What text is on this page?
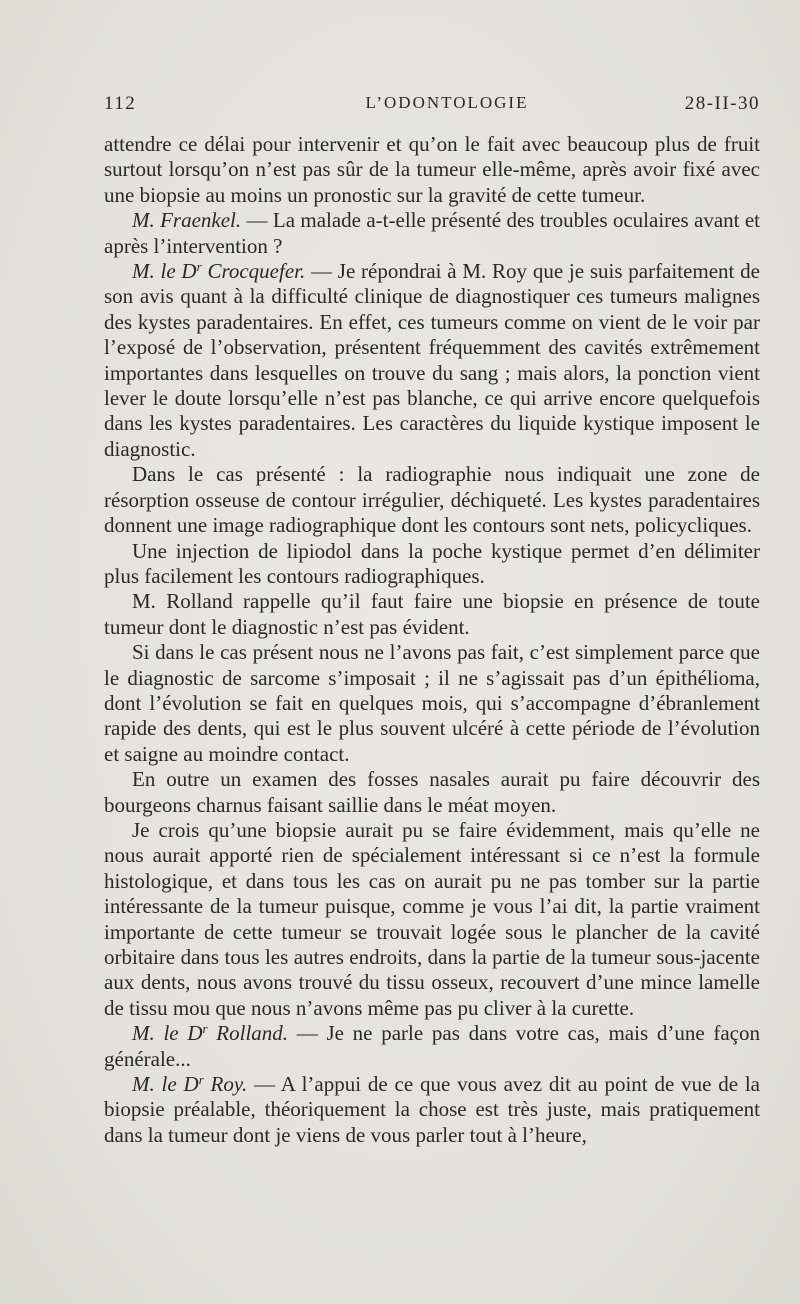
112	L’ODONTOLOGIE	28-II-30

attendre ce délai pour intervenir et qu’on le fait avec beaucoup plus de fruit surtout lorsqu’on n’est pas sûr de la tumeur elle-même, après avoir fixé avec une biopsie au moins un pronostic sur la gravité de cette tumeur.

M. Fraenkel. — La malade a-t-elle présenté des troubles oculaires avant et après l’intervention ?

M. le $D^r$ Crocquefer. — Je répondrai à M. Roy que je suis parfaitement de son avis quant à la difficulté clinique de diagnostiquer ces tumeurs malignes des kystes paradentaires. En effet, ces tumeurs comme on vient de le voir par l’exposé de l’observation, présentent fréquemment des cavités extrêmement importantes dans lesquelles on trouve du sang ; mais alors, la ponction vient lever le doute lorsqu’elle n’est pas blanche, ce qui arrive encore quelquefois dans les kystes paradentaires. Les caractères du liquide kystique imposent le diagnostic.

Dans le cas présenté : la radiographie nous indiquait une zone de résorption osseuse de contour irrégulier, déchiqueté. Les kystes paradentaires donnent une image radiographique dont les contours sont nets, policycliques.

Une injection de lipiodol dans la poche kystique permet d’en délimiter plus facilement les contours radiographiques.

M. Rolland rappelle qu’il faut faire une biopsie en présence de toute tumeur dont le diagnostic n’est pas évident.

Si dans le cas présent nous ne l’avons pas fait, c’est simplement parce que le diagnostic de sarcome s’imposait ; il ne s’agissait pas d’un épithélioma, dont l’évolution se fait en quelques mois, qui s’accompagne d’ébranlement rapide des dents, qui est le plus souvent ulcéré à cette période de l’évolution et saigne au moindre contact.

En outre un examen des fosses nasales aurait pu faire découvrir des bourgeons charnus faisant saillie dans le méat moyen.

Je crois qu’une biopsie aurait pu se faire évidemment, mais qu’elle ne nous aurait apporté rien de spécialement intéressant si ce n’est la formule histologique, et dans tous les cas on aurait pu ne pas tomber sur la partie intéressante de la tumeur puisque, comme je vous l’ai dit, la partie vraiment importante de cette tumeur se trouvait logée sous le plancher de la cavité orbitaire dans tous les autres endroits, dans la partie de la tumeur sous-jacente aux dents, nous avons trouvé du tissu osseux, recouvert d’une mince lamelle de tissu mou que nous n’avons même pas pu cliver à la curette.

M. le $D^r$ Rolland. — Je ne parle pas dans votre cas, mais d’une façon générale...

M. le $D^r$ Roy. — A l’appui de ce que vous avez dit au point de vue de la biopsie préalable, théoriquement la chose est très juste, mais pratiquement dans la tumeur dont je viens de vous parler tout à l’heure,
